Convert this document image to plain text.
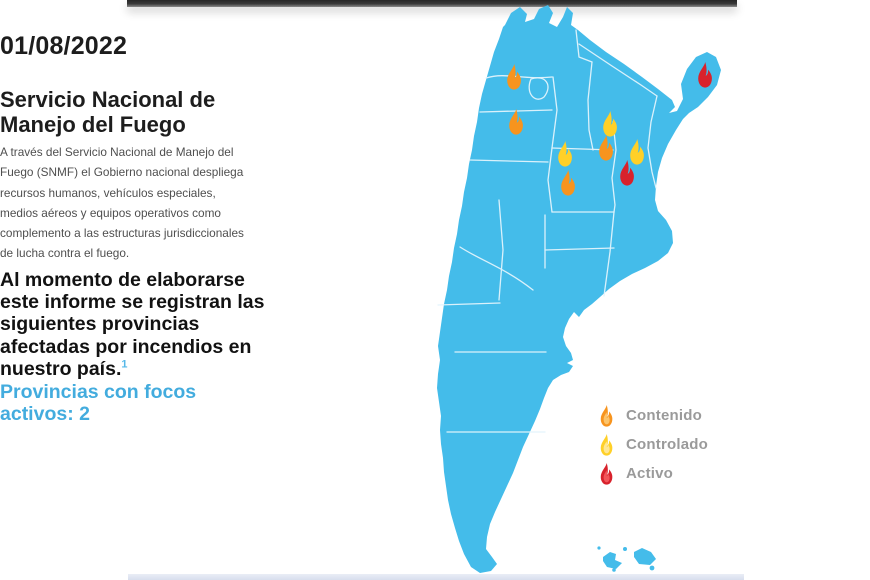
01/08/2022
Servicio Nacional de
Manejo del Fuego
A través del Servicio Nacional de Manejo del Fuego (SNMF) el Gobierno nacional despliega recursos humanos, vehículos especiales, medios aéreos y equipos operativos como complemento a las estructuras jurisdiccionales de lucha contra el fuego.
Al momento de elaborarse este informe se registran las siguientes provincias afectadas por incendios en nuestro país.$^1$
Provincias con focos activos: 2	Contenido
Controlado
Activo
